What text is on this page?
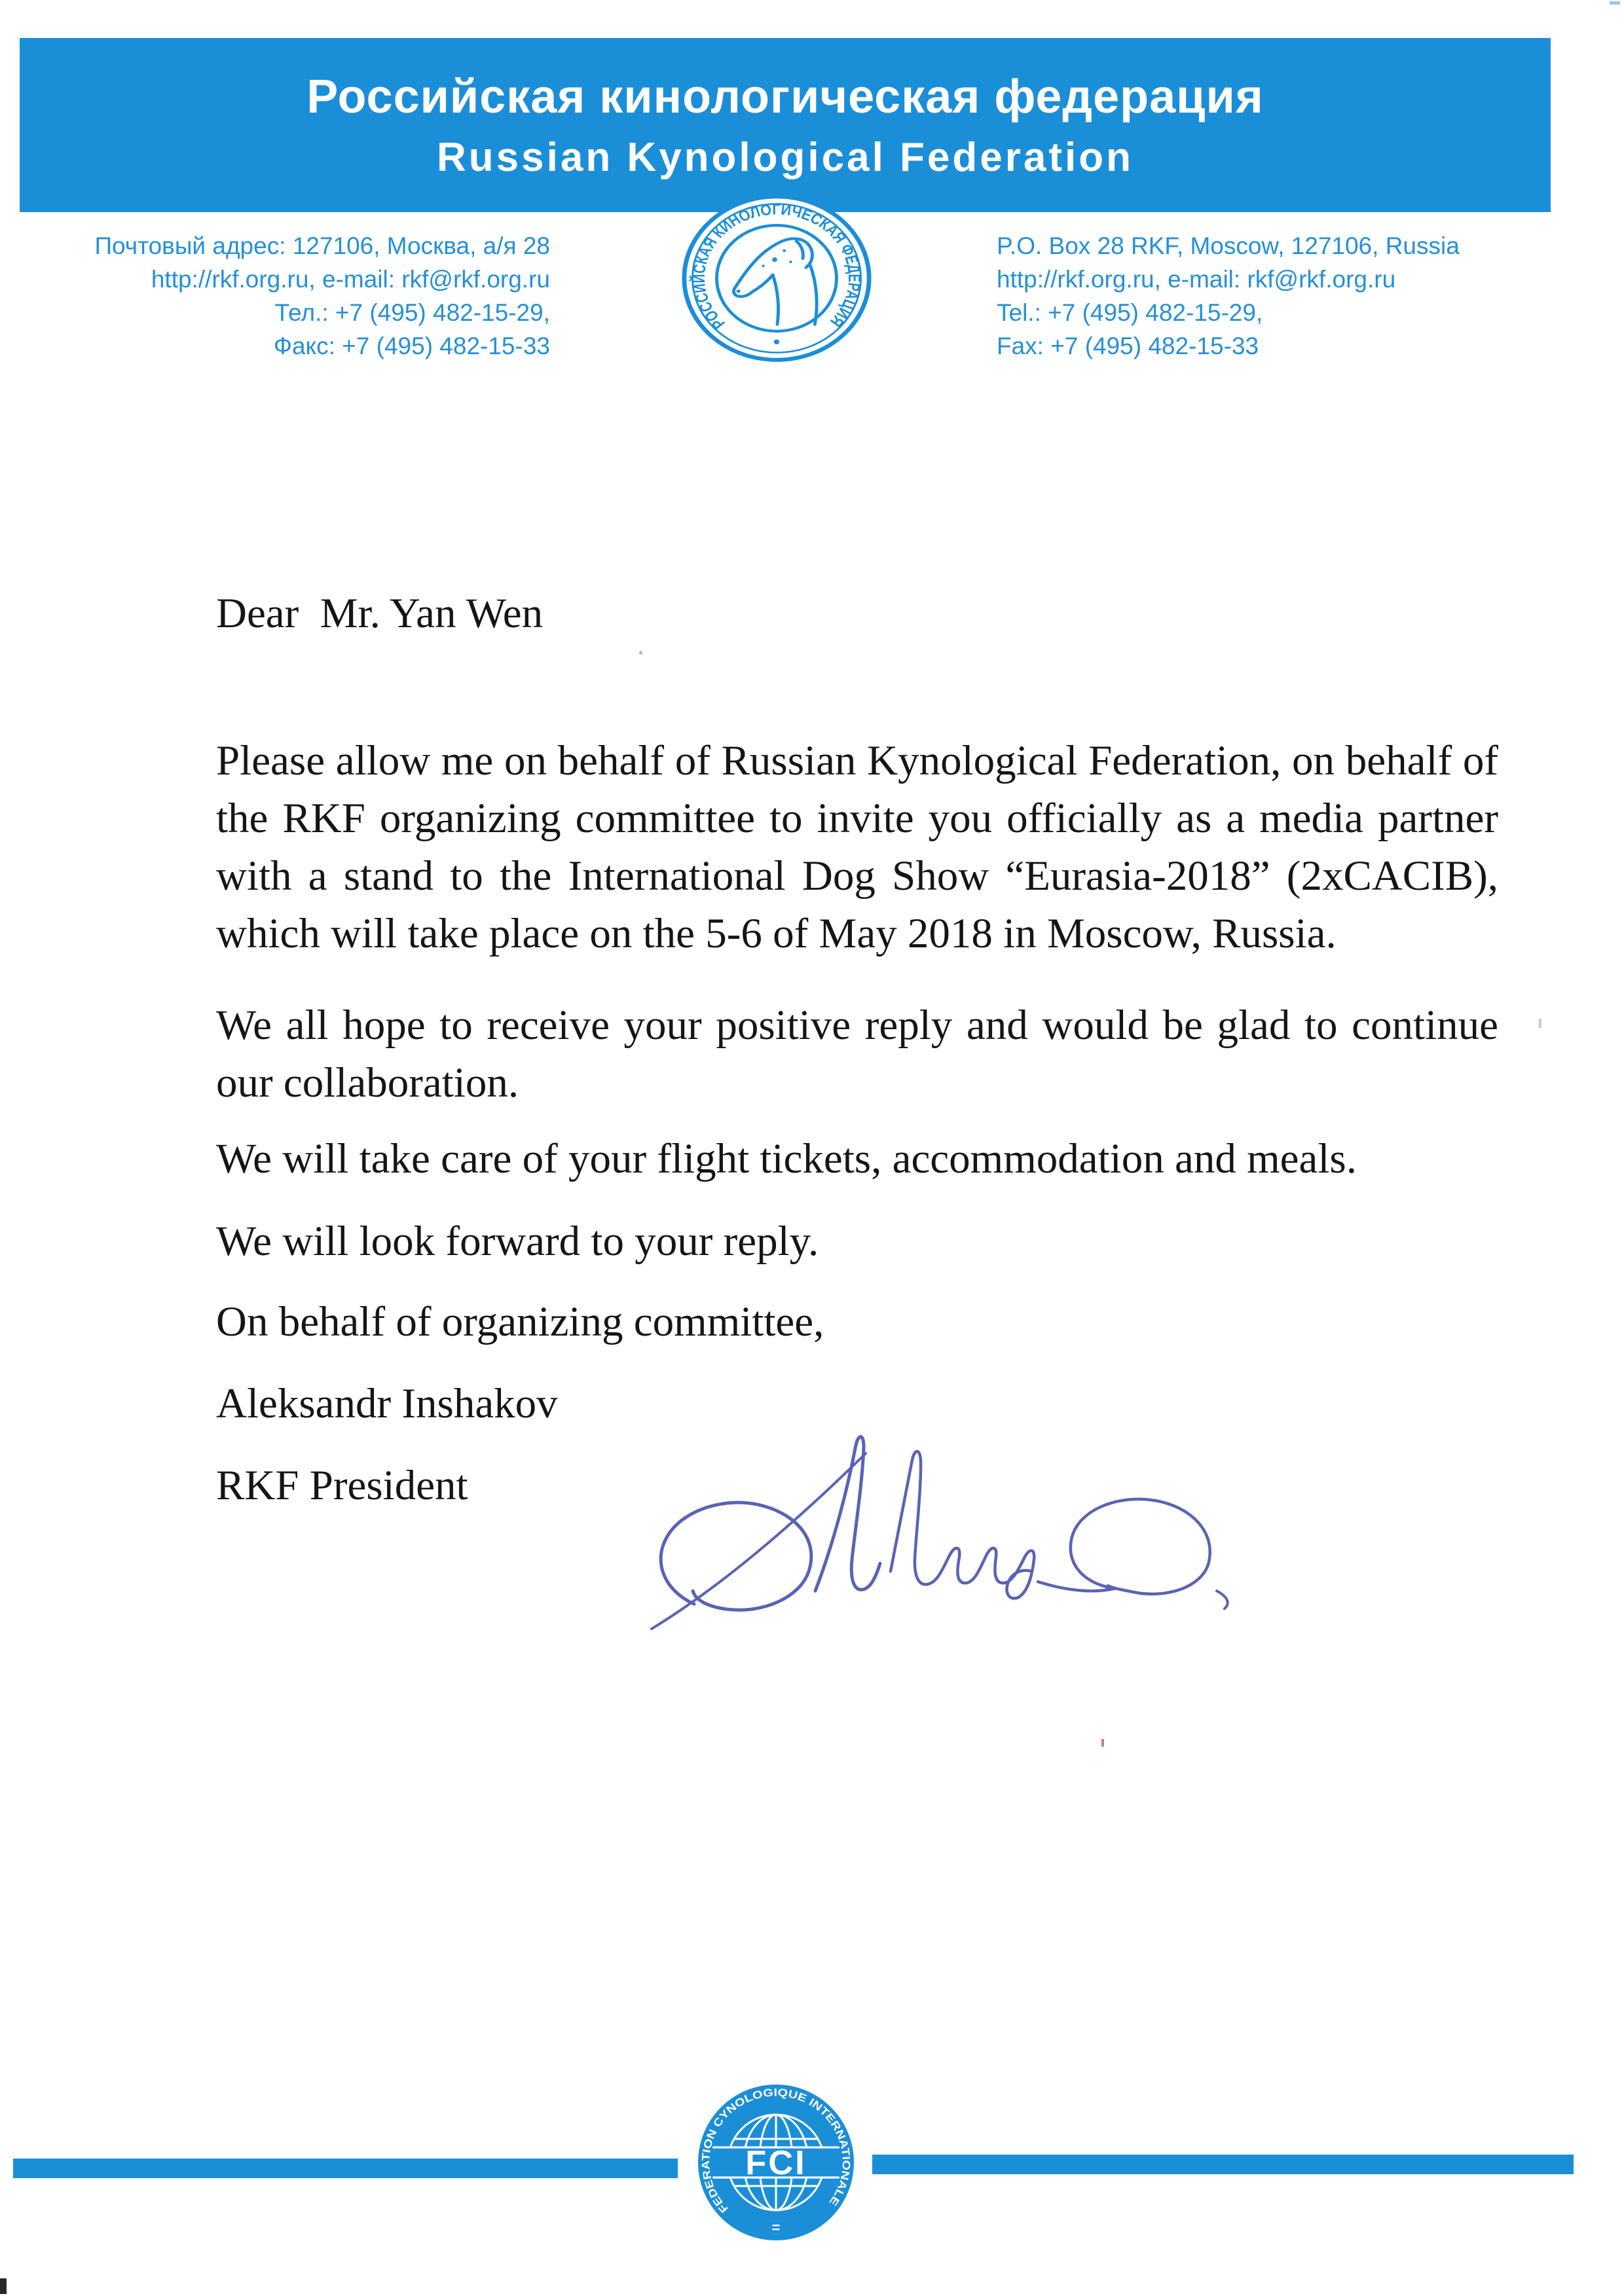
Российская кинологическая федерация
Russian Kynological Federation
РОССИЙСКАЯ КИНОЛОГИЧЕСКАЯ ФЕДЕРАЦИЯ
•
Почтовый адрес: 127106, Москва, а/я 28
http://rkf.org.ru, e-mail: rkf@rkf.org.ru
Тел.: +7 (495) 482-15-29,
Факс: +7 (495) 482-15-33
P.O. Box 28 RKF, Moscow, 127106, Russia
http://rkf.org.ru, e-mail: rkf@rkf.org.ru
Tel.: +7 (495) 482-15-29,
Fax: +7 (495) 482-15-33
Dear  Mr. Yan Wen

Please allow me on behalf of Russian Kynological Federation, on behalf of the RKF organizing committee to invite you officially as a media partner with a stand to the International Dog Show “Eurasia-2018” (2xCACIB), which will take place on the 5-6 of May 2018 in Moscow, Russia.

We all hope to receive your positive reply and would be glad to continue our collaboration.

We will take care of your flight tickets, accommodation and meals.

We will look forward to your reply.

On behalf of organizing committee,

Aleksandr Inshakov

RKF President

FCI
FEDERATION CYNOLOGIQUE INTERNATIONALE
=
